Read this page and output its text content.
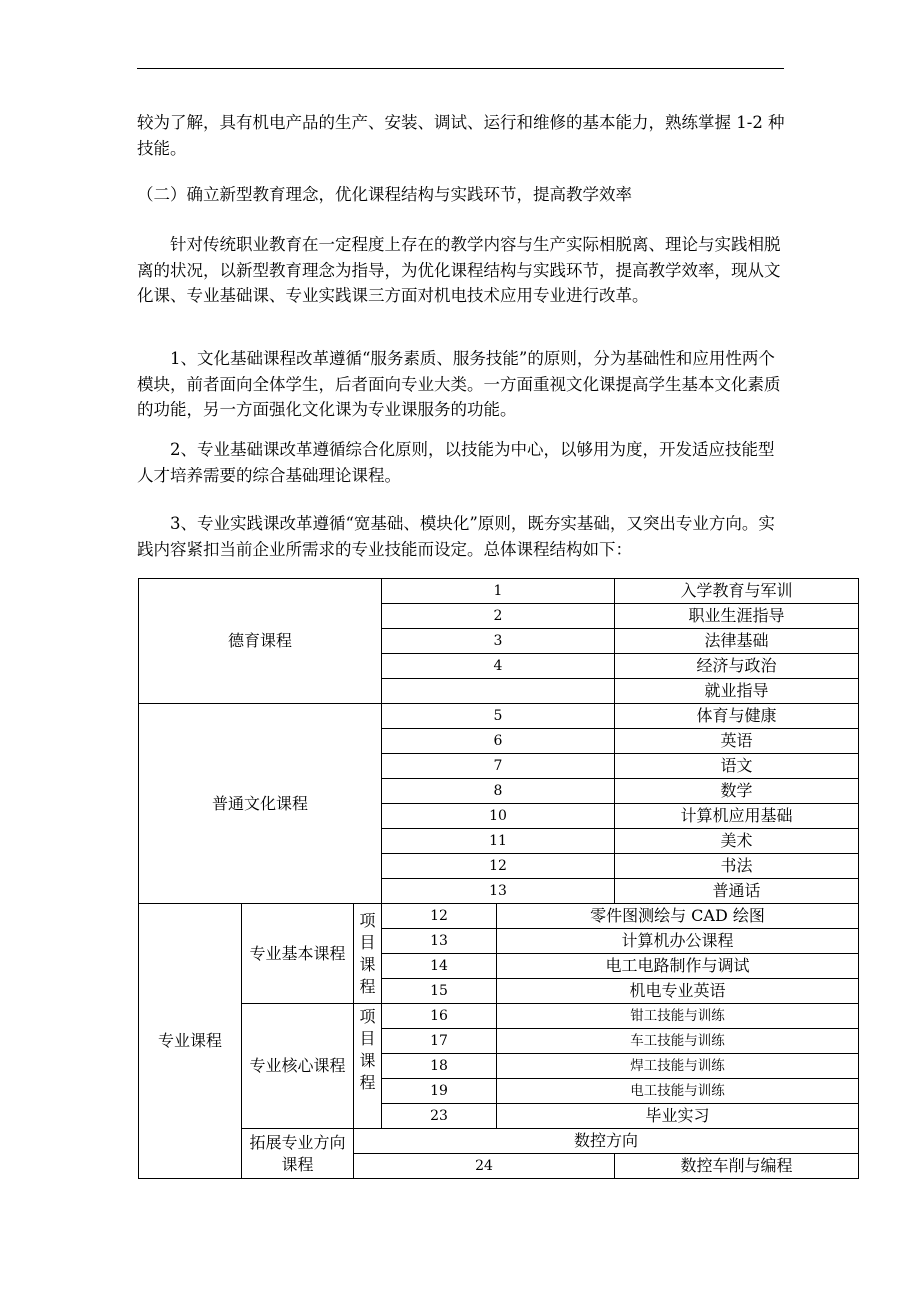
较为了解，具有机电产品的生产、安装、调试、运行和维修的基本能力，熟练掌握 1-2 种技能。

（二）确立新型教育理念，优化课程结构与实践环节，提高教学效率

针对传统职业教育在一定程度上存在的教学内容与生产实际相脱离、理论与实践相脱离的状况，以新型教育理念为指导，为优化课程结构与实践环节，提高教学效率，现从文化课、专业基础课、专业实践课三方面对机电技术应用专业进行改革。

1、文化基础课程改革遵循“服务素质、服务技能”的原则，分为基础性和应用性两个模块，前者面向全体学生，后者面向专业大类。一方面重视文化课提高学生基本文化素质的功能，另一方面强化文化课为专业课服务的功能。

2、专业基础课改革遵循综合化原则，以技能为中心，以够用为度，开发适应技能型人才培养需要的综合基础理论课程。

3、专业实践课改革遵循“宽基础、模块化”原则，既夯实基础，又突出专业方向。实践内容紧扣当前企业所需求的专业技能而设定。总体课程结构如下：

德育课程			1		入学教育与军训
			2		职业生涯指导
			3		法律基础
			4		经济与政治
					就业指导
普通文化课程			5		体育与健康
			6		英语
			7		语文
			8		数学
			10		计算机应用基础
			11		美术
			12		书法
			13		普通话
专业课程	专业基本课程	项目课程	12	零件图测绘与 CAD 绘图	
			13	计算机办公课程	
			14	电工电路制作与调试	
			15	机电专业英语	
	专业核心课程	项目课程	16	钳工技能与训练	
			17	车工技能与训练	
			18	焊工技能与训练	
			19	电工技能与训练	
			23	毕业实习	
	拓展专业方向课程	数控方向			
		24			数控车削与编程
